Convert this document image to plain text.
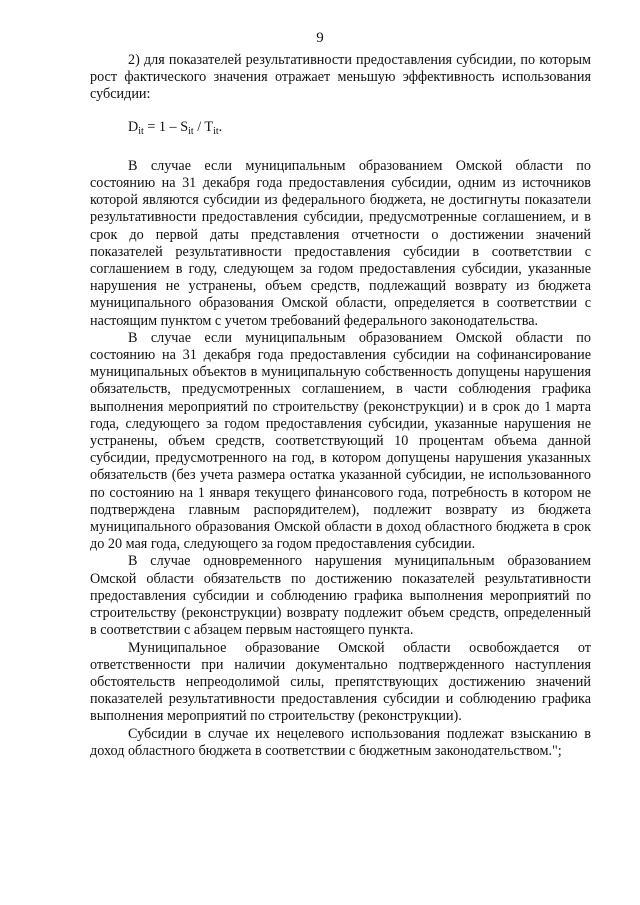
9

2) для показателей результативности предоставления субсидии, по которым рост фактического значения отражает меньшую эффективность использования субсидии:

$D_{it} = 1 - S_{it} / T_{it}$.

В случае если муниципальным образованием Омской области по состоянию на 31 декабря года предоставления субсидии, одним из источников которой являются субсидии из федерального бюджета, не достигнуты показатели результативности предоставления субсидии, предусмотренные соглашением, и в срок до первой даты представления отчетности о достижении значений показателей результативности предоставления субсидии в соответствии с соглашением в году, следующем за годом предоставления субсидии, указанные нарушения не устранены, объем средств, подлежащий возврату из бюджета муниципального образования Омской области, определяется в соответствии с настоящим пунктом с учетом требований федерального законодательства.

В случае если муниципальным образованием Омской области по состоянию на 31 декабря года предоставления субсидии на софинансирование муниципальных объектов в муниципальную собственность допущены нарушения обязательств, предусмотренных соглашением, в части соблюдения графика выполнения мероприятий по строительству (реконструкции) и в срок до 1 марта года, следующего за годом предоставления субсидии, указанные нарушения не устранены, объем средств, соответствующий 10 процентам объема данной субсидии, предусмотренного на год, в котором допущены нарушения указанных обязательств (без учета размера остатка указанной субсидии, не использованного по состоянию на 1 января текущего финансового года, потребность в котором не подтверждена главным распорядителем), подлежит возврату из бюджета муниципального образования Омской области в доход областного бюджета в срок до 20 мая года, следующего за годом предоставления субсидии.

В случае одновременного нарушения муниципальным образованием Омской области обязательств по достижению показателей результативности предоставления субсидии и соблюдению графика выполнения мероприятий по строительству (реконструкции) возврату подлежит объем средств, определенный в соответствии с абзацем первым настоящего пункта.

Муниципальное образование Омской области освобождается от ответственности при наличии документально подтвержденного наступления обстоятельств непреодолимой силы, препятствующих достижению значений показателей результативности предоставления субсидии и соблюдению графика выполнения мероприятий по строительству (реконструкции).

Субсидии в случае их нецелевого использования подлежат взысканию в доход областного бюджета в соответствии с бюджетным законодательством.";
